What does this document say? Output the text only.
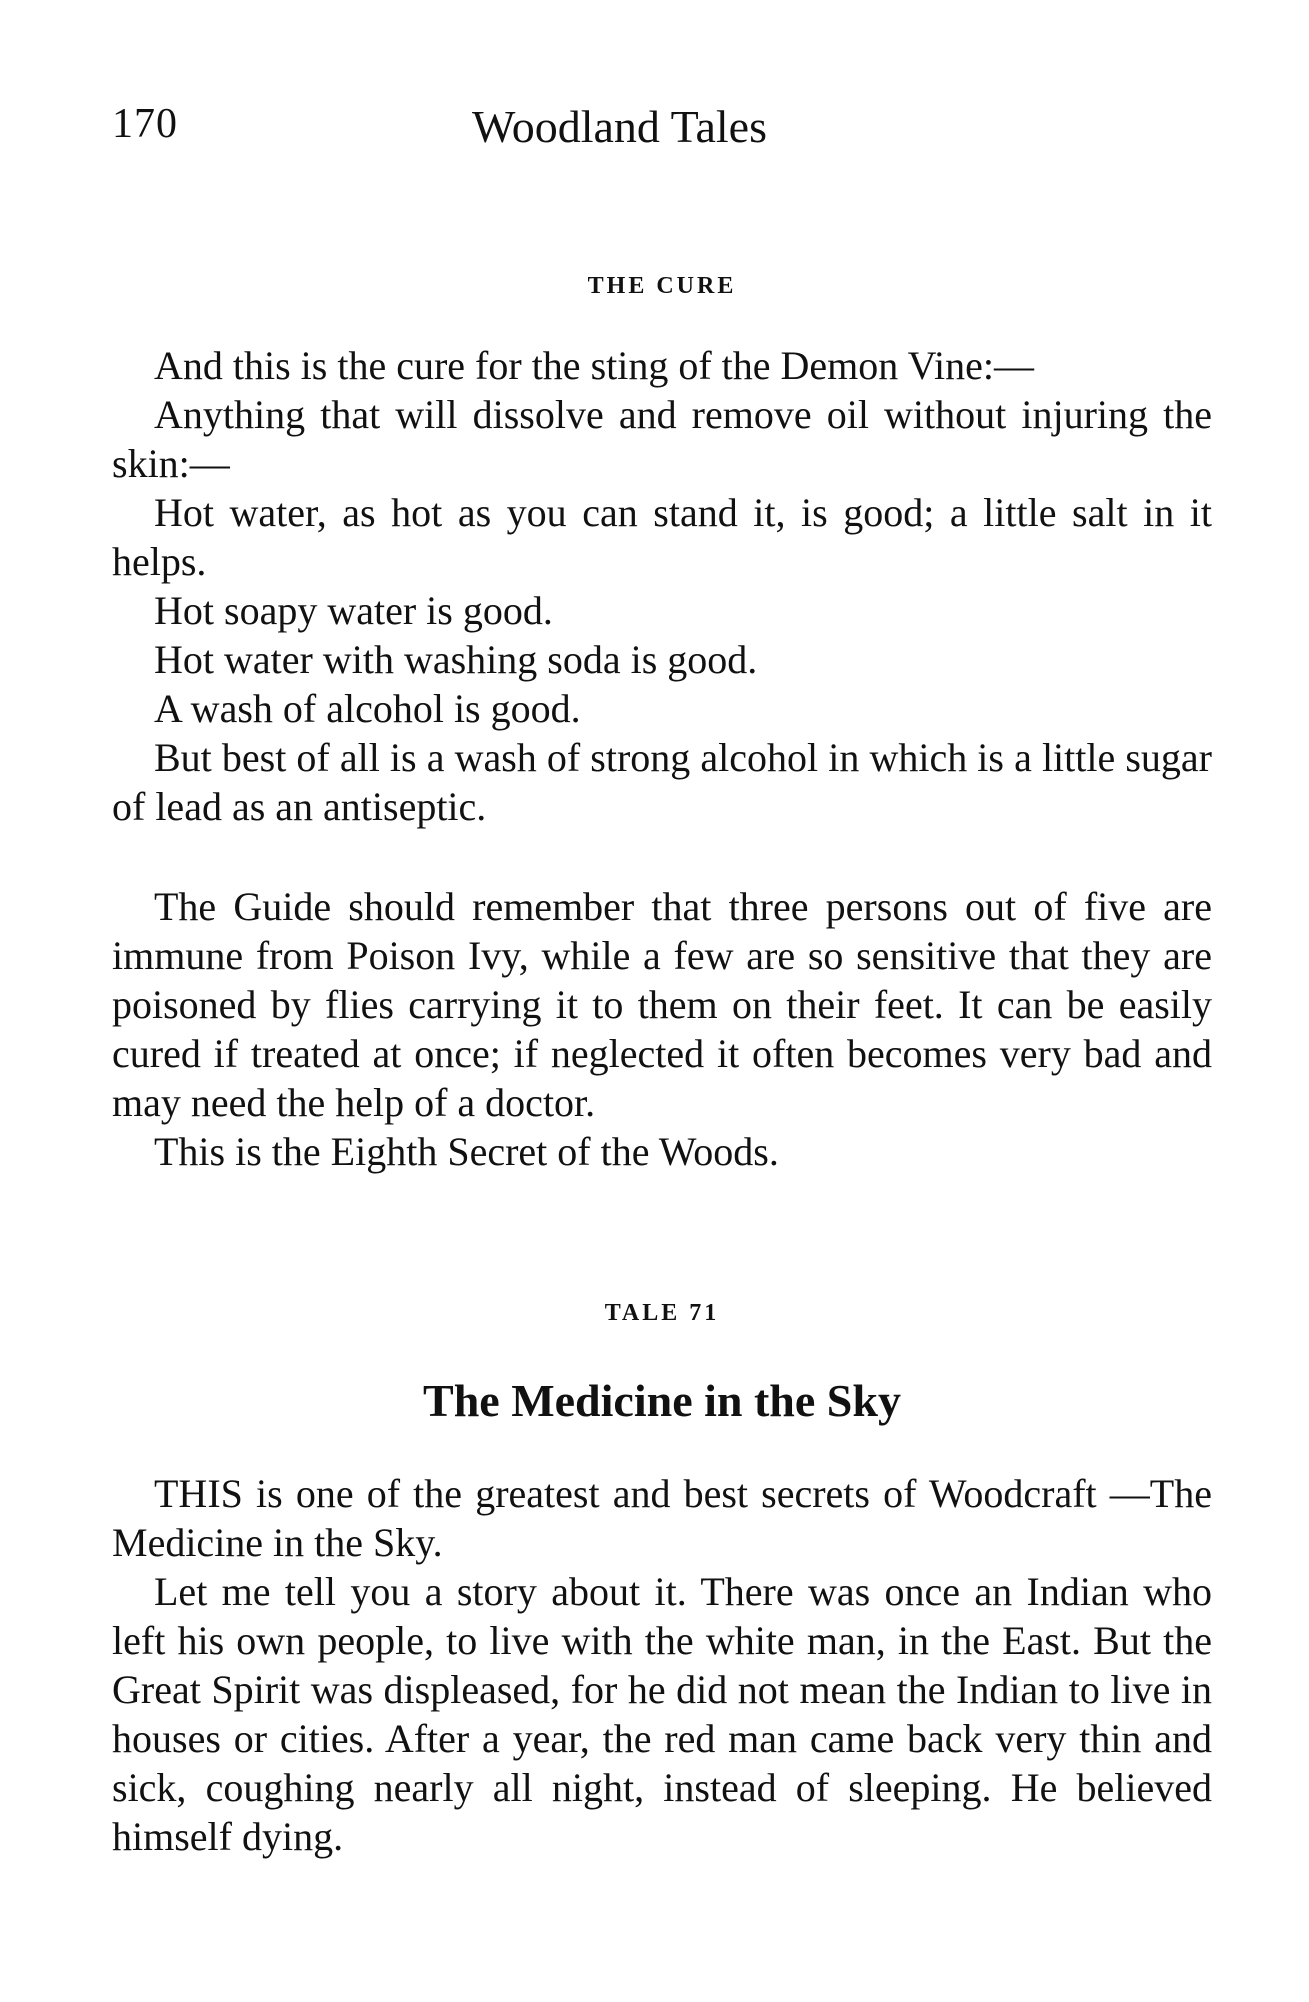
170	Woodland Tales

THE CURE

And this is the cure for the sting of the Demon Vine:—

Anything that will dissolve and remove oil without injuring the skin:—

Hot water, as hot as you can stand it, is good; a little salt in it helps.

Hot soapy water is good.

Hot water with washing soda is good.

A wash of alcohol is good.

But best of all is a wash of strong alcohol in which is a little sugar of lead as an antiseptic.

The Guide should remember that three persons out of five are immune from Poison Ivy, while a few are so sensitive that they are poisoned by flies carrying it to them on their feet. It can be easily cured if treated at once; if neglected it often becomes very bad and may need the help of a doctor.

This is the Eighth Secret of the Woods.

TALE 71

The Medicine in the Sky

THIS is one of the greatest and best secrets of Woodcraft —The Medicine in the Sky.

Let me tell you a story about it. There was once an Indian who left his own people, to live with the white man, in the East. But the Great Spirit was displeased, for he did not mean the Indian to live in houses or cities. After a year, the red man came back very thin and sick, coughing nearly all night, instead of sleeping. He believed himself dying.
